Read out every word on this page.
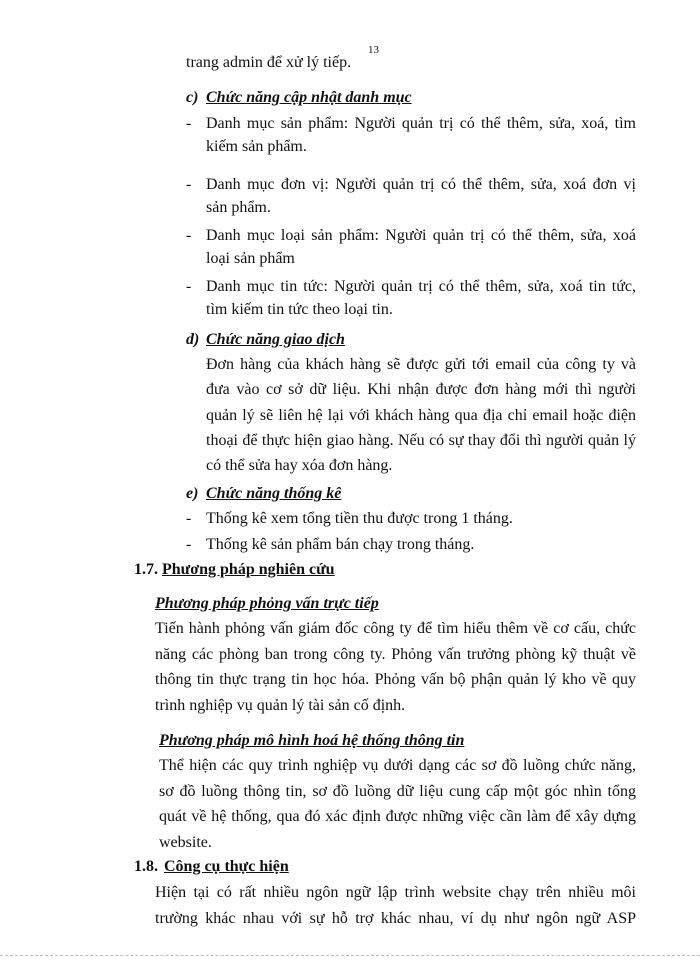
13
trang admin để xử lý tiếp.
c) Chức năng cập nhật danh mục
- Danh mục sản phẩm: Người quản trị có thể thêm, sửa, xoá, tìm
kiếm sản phẩm.
- Danh mục đơn vị: Người quản trị có thể thêm, sửa, xoá đơn vị
sản phẩm.
- Danh mục loại sản phẩm: Người quản trị có thể thêm, sửa, xoá
loại sản phẩm
- Danh mục tin tức: Người quản trị có thể thêm, sửa, xoá tin tức,
tìm kiếm tin tức theo loại tin.
d) Chức năng giao dịch
Đơn hàng của khách hàng sẽ được gửi tới email của công ty và
đưa vào cơ sở dữ liệu. Khi nhận được đơn hàng mới thì người
quản lý sẽ liên hệ lại với khách hàng qua địa chỉ email hoặc điện
thoại để thực hiện giao hàng. Nếu có sự thay đổi thì người quản lý
có thể sửa hay xóa đơn hàng.
e) Chức năng thống kê
- Thống kê xem tổng tiền thu được trong 1 tháng.
- Thống kê sản phẩm bán chạy trong tháng.
1.7. Phương pháp nghiên cứu
Phương pháp phỏng vấn trực tiếp
Tiến hành phỏng vấn giám đốc công ty để tìm hiểu thêm về cơ cấu, chức
năng các phòng ban trong công ty. Phỏng vấn trưởng phòng kỹ thuật về
thông tin thực trạng tin học hóa. Phỏng vấn bộ phận quản lý kho về quy
trình nghiệp vụ quản lý tài sản cố định.
Phương pháp mô hình hoá hệ thống thông tin
Thể hiện các quy trình nghiệp vụ dưới dạng các sơ đồ luồng chức năng,
sơ đồ luồng thông tin, sơ đồ luồng dữ liệu cung cấp một góc nhìn tổng
quát về hệ thống, qua đó xác định được những việc cần làm để xây dựng
website.
1.8. Công cụ thực hiện
Hiện tại có rất nhiều ngôn ngữ lập trình website chạy trên nhiều môi
trường khác nhau với sự hỗ trợ khác nhau, ví dụ như ngôn ngữ ASP
